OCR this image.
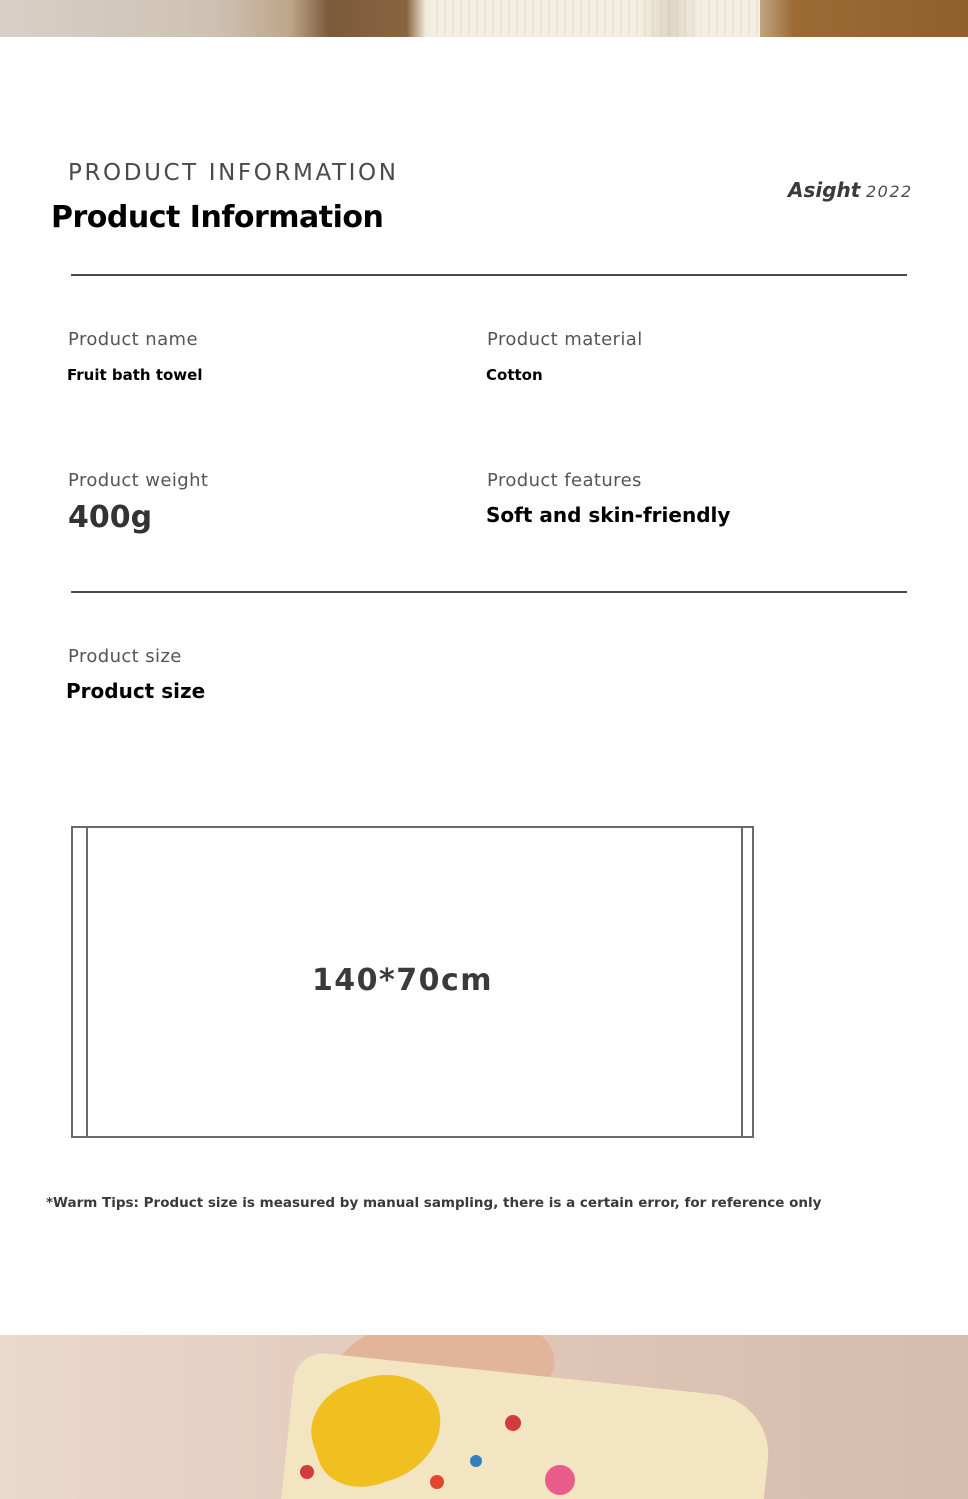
PRODUCT INFORMATION
Product Information
Asight 2022
Product name
Fruit bath towel
Product material
Cotton
Product weight
400g
Product features
Soft and skin-friendly
Product size
Product size
140*70cm
*Warm Tips: Product size is measured by manual sampling, there is a certain error, for reference only
